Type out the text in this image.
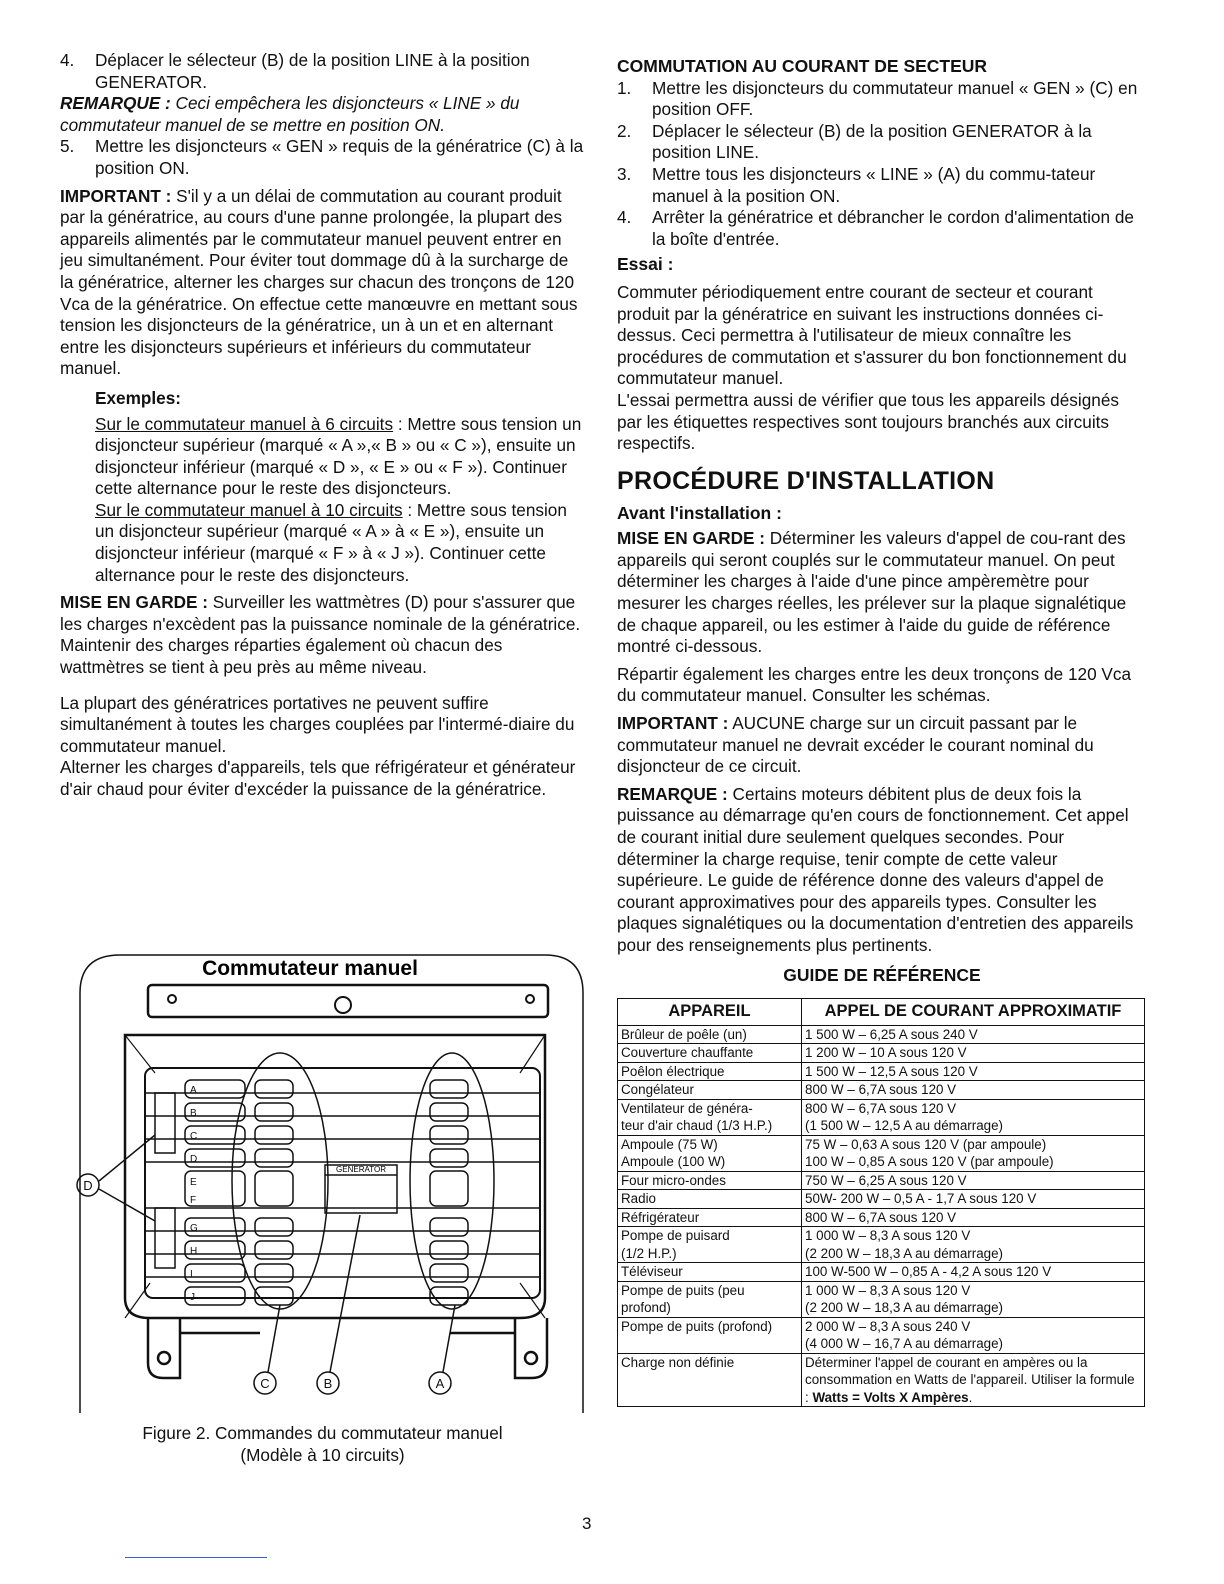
4. Déplacer le sélecteur (B) de la position LINE à la position GENERATOR.

REMARQUE : Ceci empêchera les disjoncteurs « LINE » du commutateur manuel de se mettre en position ON.

5. Mettre les disjoncteurs « GEN » requis de la génératrice (C) à la position ON.

IMPORTANT : S'il y a un délai de commutation au courant produit par la génératrice, au cours d'une panne prolongée, la plupart des appareils alimentés par le commutateur manuel peuvent entrer en jeu simultanément. Pour éviter tout dommage dû à la surcharge de la génératrice, alterner les charges sur chacun des tronçons de 120 Vca de la génératrice. On effectue cette manœuvre en mettant sous tension les disjoncteurs de la génératrice, un à un et en alternant entre les disjoncteurs supérieurs et inférieurs du commutateur manuel.

Exemples:

Sur le commutateur manuel à 6 circuits : Mettre sous tension un disjoncteur supérieur (marqué « A »,« B » ou « C »), ensuite un disjoncteur inférieur (marqué « D », « E » ou « F »). Continuer cette alternance pour le reste des disjoncteurs.

Sur le commutateur manuel à 10 circuits : Mettre sous tension un disjoncteur supérieur (marqué « A » à « E »), ensuite un disjoncteur inférieur (marqué « F » à « J »). Continuer cette alternance pour le reste des disjoncteurs.

MISE EN GARDE : Surveiller les wattmètres (D) pour s'assurer que les charges n'excèdent pas la puissance nominale de la génératrice. Maintenir des charges réparties également où chacun des wattmètres se tient à peu près au même niveau.

La plupart des génératrices portatives ne peuvent suffire simultanément à toutes les charges couplées par l'intermé-diaire du commutateur manuel.

Alterner les charges d'appareils, tels que réfrigérateur et générateur d'air chaud pour éviter d'excéder la puissance de la génératrice.

Commutateur manuel
GENERATOR
A
B
C
D
E
F
G
H
I
J
D
C	B	A
Figure 2. Commandes du commutateur manuel
(Modèle à 10 circuits)

COMMUTATION AU COURANT DE SECTEUR

1. Mettre les disjoncteurs du commutateur manuel « GEN » (C) en position OFF.
2. Déplacer le sélecteur (B) de la position GENERATOR à la position LINE.
3. Mettre tous les disjoncteurs « LINE » (A) du commu-tateur manuel à la position ON.
4. Arrêter la génératrice et débrancher le cordon d'alimentation de la boîte d'entrée.

Essai :

Commuter périodiquement entre courant de secteur et courant produit par la génératrice en suivant les instructions données ci-dessus. Ceci permettra à l'utilisateur de mieux connaître les procédures de commutation et s'assurer du bon fonctionnement du commutateur manuel.

L'essai permettra aussi de vérifier que tous les appareils désignés par les étiquettes respectives sont toujours branchés aux circuits respectifs.

PROCÉDURE D'INSTALLATION

Avant l'installation :

MISE EN GARDE : Déterminer les valeurs d'appel de cou-rant des appareils qui seront couplés sur le commutateur manuel. On peut déterminer les charges à l'aide d'une pince ampèremètre pour mesurer les charges réelles, les prélever sur la plaque signalétique de chaque appareil, ou les estimer à l'aide du guide de référence montré ci-dessous.

Répartir également les charges entre les deux tronçons de 120 Vca du commutateur manuel. Consulter les schémas.

IMPORTANT : AUCUNE charge sur un circuit passant par le commutateur manuel ne devrait excéder le courant nominal du disjoncteur de ce circuit.

REMARQUE : Certains moteurs débitent plus de deux fois la puissance au démarrage qu'en cours de fonctionnement. Cet appel de courant initial dure seulement quelques secondes. Pour déterminer la charge requise, tenir compte de cette valeur supérieure. Le guide de référence donne des valeurs d'appel de courant approximatives pour des appareils types. Consulter les plaques signalétiques ou la documentation d'entretien des appareils pour des renseignements plus pertinents.

GUIDE DE RÉFÉRENCE

APPAREIL	APPEL DE COURANT APPROXIMATIF
Brûleur de poêle (un)	1 500 W – 6,25 A sous 240 V
Couverture chauffante	1 200 W – 10 A sous 120 V
Poêlon électrique	1 500 W – 12,5 A sous 120 V
Congélateur	800 W – 6,7A sous 120 V
Ventilateur de généra-
teur d'air chaud (1/3 H.P.)	800 W – 6,7A sous 120 V
(1 500 W – 12,5 A au démarrage)
Ampoule (75 W)
Ampoule (100 W)	75 W – 0,63 A sous 120 V (par ampoule)
100 W – 0,85 A sous 120 V (par ampoule)
Four micro-ondes	750 W – 6,25 A sous 120 V
Radio	50W- 200 W – 0,5 A - 1,7 A sous 120 V
Réfrigérateur	800 W – 6,7A sous 120 V
Pompe de puisard
(1/2 H.P.)	1 000 W – 8,3 A sous 120 V
(2 200 W – 18,3 A au démarrage)
Téléviseur	100 W-500 W – 0,85 A - 4,2 A sous 120 V
Pompe de puits (peu
profond)	1 000 W – 8,3 A sous 120 V
(2 200 W – 18,3 A au démarrage)
Pompe de puits (profond)	2 000 W – 8,3 A sous 240 V
(4 000 W – 16,7 A au démarrage)
Charge non définie	Déterminer l'appel de courant en ampères ou la consommation en Watts de l'appareil. Utiliser la formule : Watts = Volts X Ampères.
3
